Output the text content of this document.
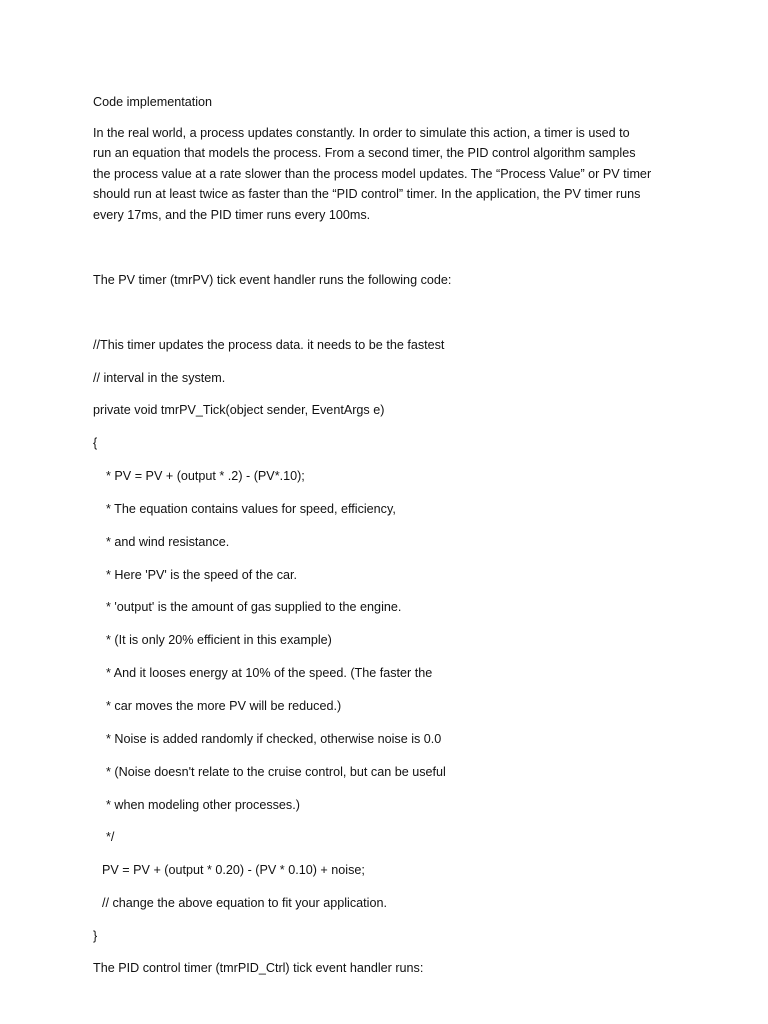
Code implementation
In the real world, a process updates constantly. In order to simulate this action, a timer is used to
run an equation that models the process. From a second timer, the PID control algorithm samples
the process value at a rate slower than the process model updates. The “Process Value” or PV timer
should run at least twice as faster than the “PID control” timer. In the application, the PV timer runs
every 17ms, and the PID timer runs every 100ms.
The PV timer (tmrPV) tick event handler runs the following code:
//This timer updates the process data. it needs to be the fastest
// interval in the system.
private void tmrPV_Tick(object sender, EventArgs e)
{
* PV = PV + (output * .2) - (PV*.10);
* The equation contains values for speed, efficiency,
* and wind resistance.
* Here 'PV' is the speed of the car.
* 'output' is the amount of gas supplied to the engine.
* (It is only 20% efficient in this example)
* And it looses energy at 10% of the speed. (The faster the
* car moves the more PV will be reduced.)
* Noise is added randomly if checked, otherwise noise is 0.0
* (Noise doesn't relate to the cruise control, but can be useful
* when modeling other processes.)
*/
PV = PV + (output * 0.20) - (PV * 0.10) + noise;
// change the above equation to fit your application.
}
The PID control timer (tmrPID_Ctrl) tick event handler runs:
